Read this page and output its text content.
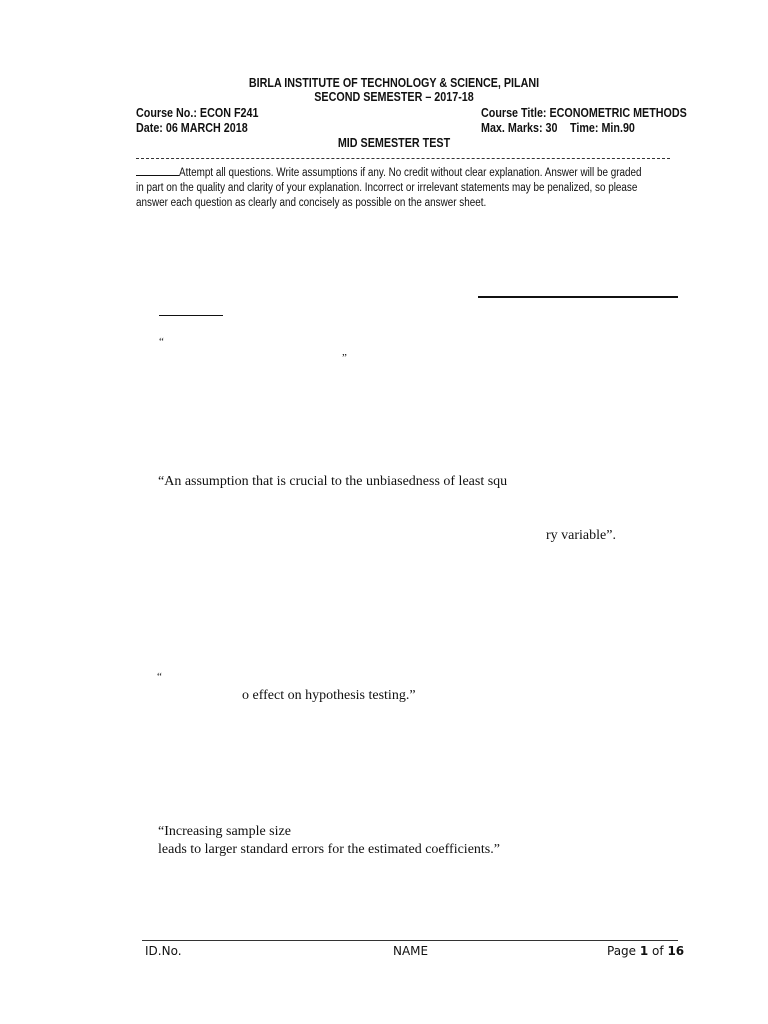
BIRLA INSTITUTE OF TECHNOLOGY & SCIENCE, PILANI
SECOND SEMESTER – 2017-18
Course No.: ECON F241
Date: 06 MARCH 2018
Course Title: ECONOMETRIC METHODS
Max. Marks: 30 Time: Min.90
MID SEMESTER TEST
Attempt all questions. Write assumptions if any. No credit without clear explanation. Answer will be graded
in part on the quality and clarity of your explanation. Incorrect or irrelevant statements may be penalized, so please
answer each question as clearly and concisely as possible on the answer sheet.
“
”
“An assumption that is crucial to the unbiasedness of least squ
ry variable”.
“
o effect on hypothesis testing.”
“Increasing sample size
leads to larger standard errors for the estimated coefficients.”
ID.No.	NAME	Page 1 of 16
